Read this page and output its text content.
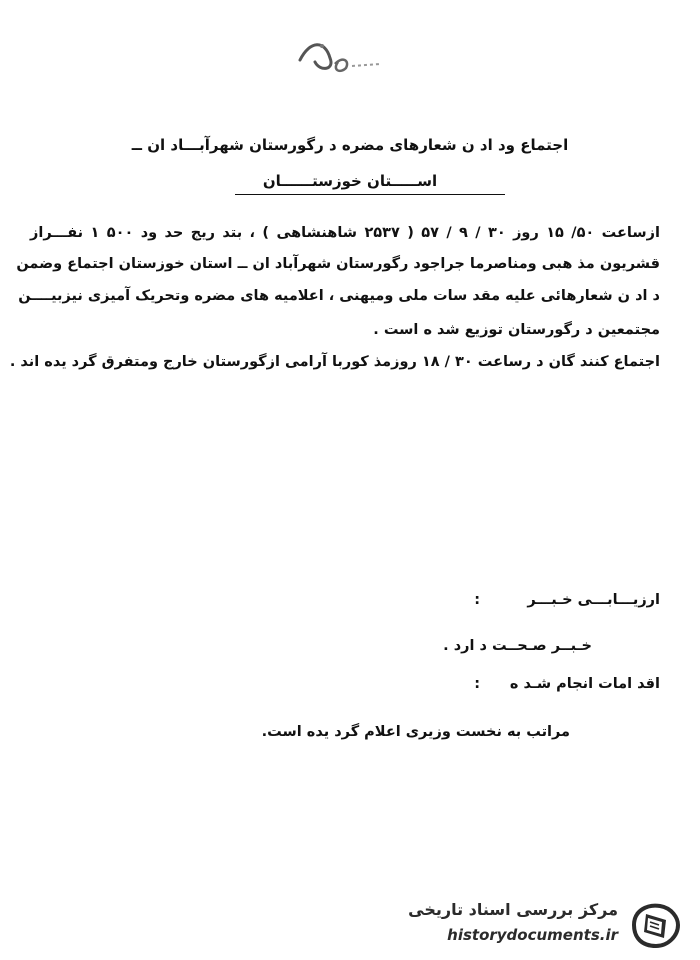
اجتماع ود اد ن شعارهای مضره د رگورستان شهرآبـــاد ان ــ
اســـــتان خوزستــــــان
ازساعت ۵۰/ ۱۵ روز ۳۰ / ۹ / ۵۷ ( ۲۵۳۷ شاهنشاهی ) ، بتد ریج حد ود ۵۰۰ ۱ نفـــراز
قشریون مذ هبی ومناصرما جراجود رگورستان شهرآباد ان ــ استان خوزستان اجتماع وضمن
د اد ن شعارهائی علیه مقد سات ملی ومیهنی ، اعلامیه های مضره وتحریک آمیزی نیزبیــــن
مجتمعین د رگورستان توزیع شد ه است .
اجتماع کنند گان د رساعت ۳۰ / ۱۸ روزمذ کوربا آرامی ازگورستان خارج ومتفرق گرد یده اند .
ارزیـــابـــی خـبـــر
:
خـبــر صـحــت د ارد .
اقد امات انجام شـد ه
:
مراتب به نخست وزیری اعلام گرد یده است.
مرکز بررسی اسناد تاریخی
historydocuments.ir
